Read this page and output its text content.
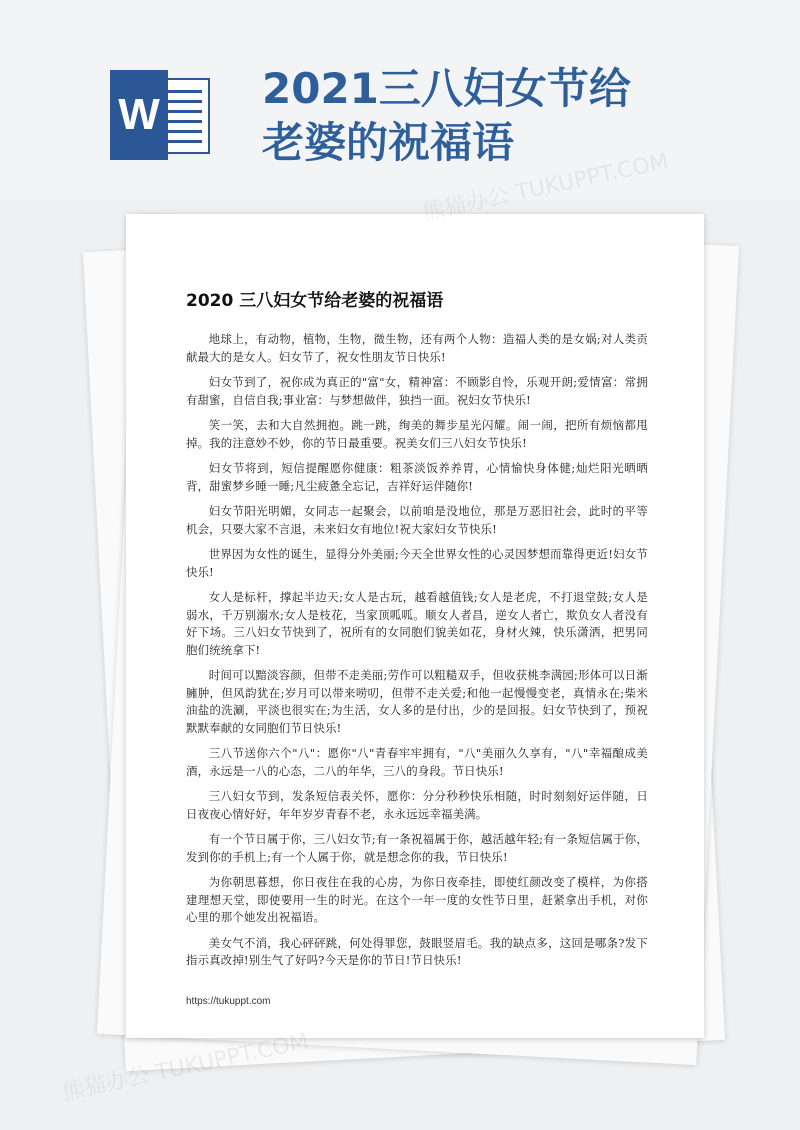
W
2021三八妇女节给
老婆的祝福语
2020 三八妇女节给老婆的祝福语

地球上，有动物，植物，生物，微生物，还有两个人物：造福人类的是女娲;对人类贡献最大的是女人。妇女节了，祝女性朋友节日快乐!

妇女节到了，祝你成为真正的"富"女，精神富：不顾影自怜，乐观开朗;爱情富：常拥有甜蜜，自信自我;事业富：与梦想做伴，独挡一面。祝妇女节快乐!

笑一笑，去和大自然拥抱。跳一跳，绚美的舞步星光闪耀。闹一闹，把所有烦恼都甩掉。我的注意妙不妙，你的节日最重要。祝美女们三八妇女节快乐!

妇女节将到，短信提醒愿你健康：粗茶淡饭养养胃，心情愉快身体健;灿烂阳光晒晒背，甜蜜梦乡睡一睡;凡尘疲惫全忘记，吉祥好运伴随你!

妇女节阳光明媚，女同志一起聚会，以前咱是没地位，那是万恶旧社会，此时的平等机会，只要大家不言退，未来妇女有地位!祝大家妇女节快乐!

世界因为女性的诞生，显得分外美丽;今天全世界女性的心灵因梦想而靠得更近!妇女节快乐!

女人是标杆，撑起半边天;女人是古玩，越看越值钱;女人是老虎，不打退堂鼓;女人是弱水，千万别溺水;女人是枝花，当家顶呱呱。顺女人者昌，逆女人者亡，欺负女人者没有好下场。三八妇女节快到了，祝所有的女同胞们貌美如花，身材火辣，快乐潇洒，把男同胞们统统拿下!

时间可以黯淡容颜，但带不走美丽;劳作可以粗糙双手，但收获桃李满园;形体可以日渐臃肿，但风韵犹在;岁月可以带来唠叨，但带不走关爱;和他一起慢慢变老，真情永在;柴米油盐的洗涮，平淡也很实在;为生活，女人多的是付出，少的是回报。妇女节快到了，预祝默默奉献的女同胞们节日快乐!

三八节送你六个"八"：愿你"八"青春牢牢拥有，"八"美丽久久享有，"八"幸福酿成美酒，永远是一八的心态，二八的年华，三八的身段。节日快乐!

三八妇女节到，发条短信表关怀，愿你：分分秒秒快乐相随，时时刻刻好运伴随，日日夜夜心情好好，年年岁岁青春不老，永永远远幸福美满。

有一个节日属于你，三八妇女节;有一条祝福属于你，越活越年轻;有一条短信属于你，发到你的手机上;有一个人属于你，就是想念你的我，节日快乐!

为你朝思暮想，你日夜住在我的心房，为你日夜牵挂，即使红颜改变了模样，为你搭建理想天堂，即使要用一生的时光。在这个一年一度的女性节日里，赶紧拿出手机，对你心里的那个她发出祝福语。

美女气不消，我心砰砰跳，何处得罪您，鼓眼竖眉毛。我的缺点多，这回是哪条?发下指示真改掉!别生气了好吗?今天是你的节日!节日快乐!

https://tukuppt.com
熊猫办公
